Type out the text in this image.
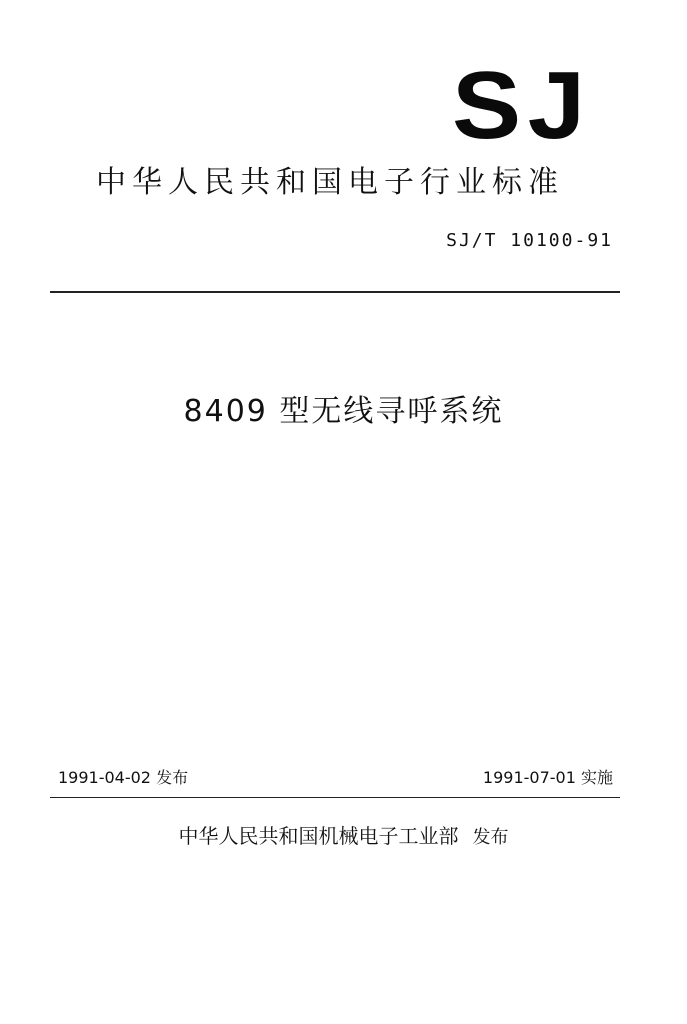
SJ
中华人民共和国电子行业标准
SJ/T 10100-91
8409 型无线寻呼系统
1991-04-02 发布	1991-07-01 实施
中华人民共和国机械电子工业部 发布
